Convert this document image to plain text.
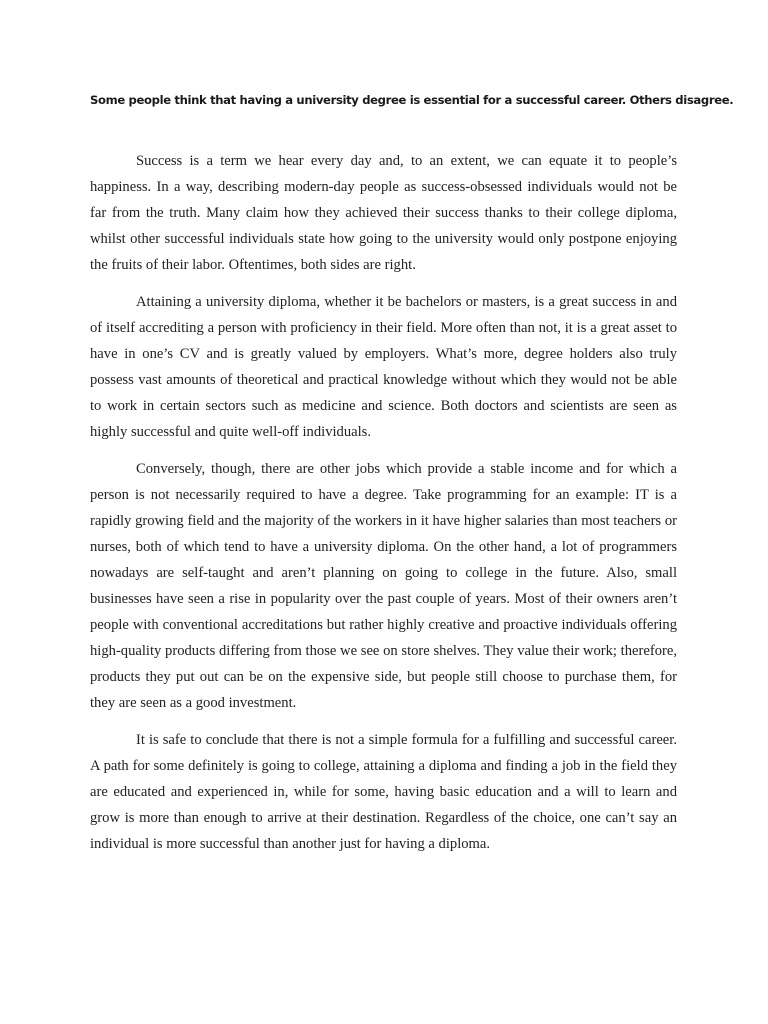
Some people think that having a university degree is essential for a successful career. Others disagree.

Success is a term we hear every day and, to an extent, we can equate it to people’s happiness. In a way, describing modern-day people as success-obsessed individuals would not be far from the truth. Many claim how they achieved their success thanks to their college diploma, whilst other successful individuals state how going to the university would only postpone enjoying the fruits of their labor. Oftentimes, both sides are right.

Attaining a university diploma, whether it be bachelors or masters, is a great success in and of itself accrediting a person with proficiency in their field. More often than not, it is a great asset to have in one’s CV and is greatly valued by employers. What’s more, degree holders also truly possess vast amounts of theoretical and practical knowledge without which they would not be able to work in certain sectors such as medicine and science. Both doctors and scientists are seen as highly successful and quite well-off individuals.

Conversely, though, there are other jobs which provide a stable income and for which a person is not necessarily required to have a degree. Take programming for an example: IT is a rapidly growing field and the majority of the workers in it have higher salaries than most teachers or nurses, both of which tend to have a university diploma. On the other hand, a lot of programmers nowadays are self-taught and aren’t planning on going to college in the future. Also, small businesses have seen a rise in popularity over the past couple of years. Most of their owners aren’t people with conventional accreditations but rather highly creative and proactive individuals offering high-quality products differing from those we see on store shelves. They value their work; therefore, products they put out can be on the expensive side, but people still choose to purchase them, for they are seen as a good investment.

It is safe to conclude that there is not a simple formula for a fulfilling and successful career. A path for some definitely is going to college, attaining a diploma and finding a job in the field they are educated and experienced in, while for some, having basic education and a will to learn and grow is more than enough to arrive at their destination. Regardless of the choice, one can’t say an individual is more successful than another just for having a diploma.
